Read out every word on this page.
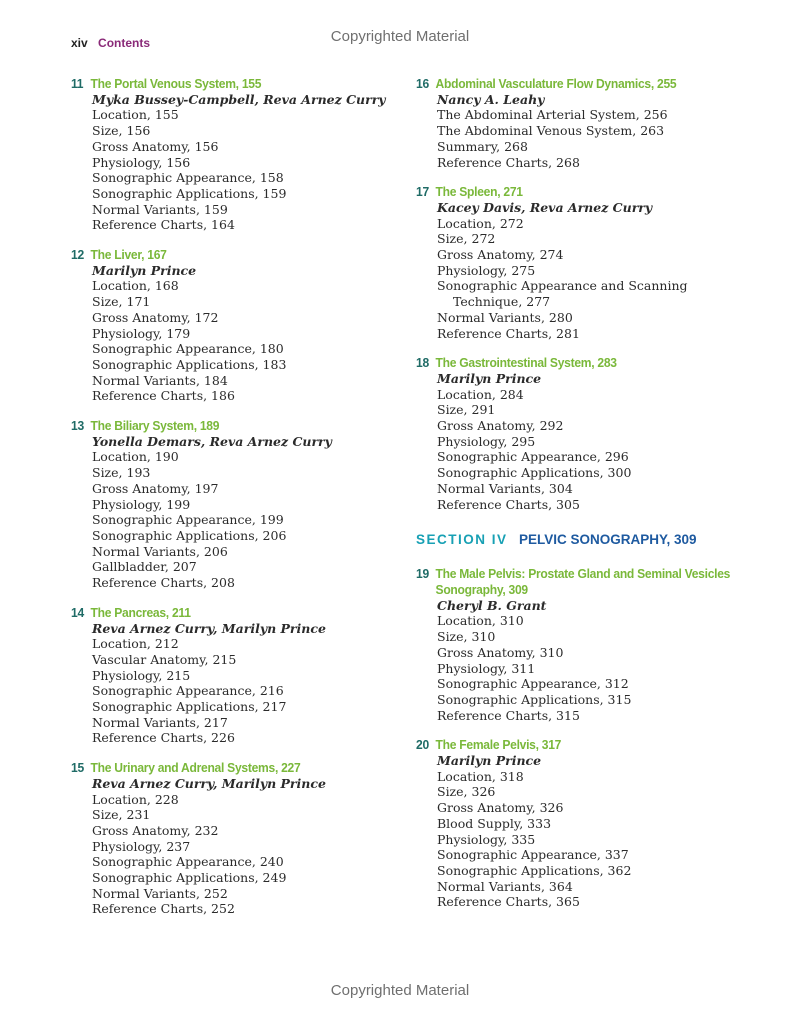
Copyrighted Material
xiv Contents
11 The Portal Venous System, 155
Myka Bussey-Campbell, Reva Arnez Curry
Location, 155
Size, 156
Gross Anatomy, 156
Physiology, 156
Sonographic Appearance, 158
Sonographic Applications, 159
Normal Variants, 159
Reference Charts, 164
12 The Liver, 167
Marilyn Prince
Location, 168
Size, 171
Gross Anatomy, 172
Physiology, 179
Sonographic Appearance, 180
Sonographic Applications, 183
Normal Variants, 184
Reference Charts, 186
13 The Biliary System, 189
Yonella Demars, Reva Arnez Curry
Location, 190
Size, 193
Gross Anatomy, 197
Physiology, 199
Sonographic Appearance, 199
Sonographic Applications, 206
Normal Variants, 206
Gallbladder, 207
Reference Charts, 208
14 The Pancreas, 211
Reva Arnez Curry, Marilyn Prince
Location, 212
Vascular Anatomy, 215
Physiology, 215
Sonographic Appearance, 216
Sonographic Applications, 217
Normal Variants, 217
Reference Charts, 226
15 The Urinary and Adrenal Systems, 227
Reva Arnez Curry, Marilyn Prince
Location, 228
Size, 231
Gross Anatomy, 232
Physiology, 237
Sonographic Appearance, 240
Sonographic Applications, 249
Normal Variants, 252
Reference Charts, 252
16 Abdominal Vasculature Flow Dynamics, 255
Nancy A. Leahy
The Abdominal Arterial System, 256
The Abdominal Venous System, 263
Summary, 268
Reference Charts, 268
17 The Spleen, 271
Kacey Davis, Reva Arnez Curry
Location, 272
Size, 272
Gross Anatomy, 274
Physiology, 275
Sonographic Appearance and Scanning
Technique, 277
Normal Variants, 280
Reference Charts, 281
18 The Gastrointestinal System, 283
Marilyn Prince
Location, 284
Size, 291
Gross Anatomy, 292
Physiology, 295
Sonographic Appearance, 296
Sonographic Applications, 300
Normal Variants, 304
Reference Charts, 305
SECTION IV PELVIC SONOGRAPHY, 309
19 The Male Pelvis: Prostate Gland and Seminal Vesicles
Sonography, 309
Cheryl B. Grant
Location, 310
Size, 310
Gross Anatomy, 310
Physiology, 311
Sonographic Appearance, 312
Sonographic Applications, 315
Reference Charts, 315
20 The Female Pelvis, 317
Marilyn Prince
Location, 318
Size, 326
Gross Anatomy, 326
Blood Supply, 333
Physiology, 335
Sonographic Appearance, 337
Sonographic Applications, 362
Normal Variants, 364
Reference Charts, 365
Copyrighted Material
